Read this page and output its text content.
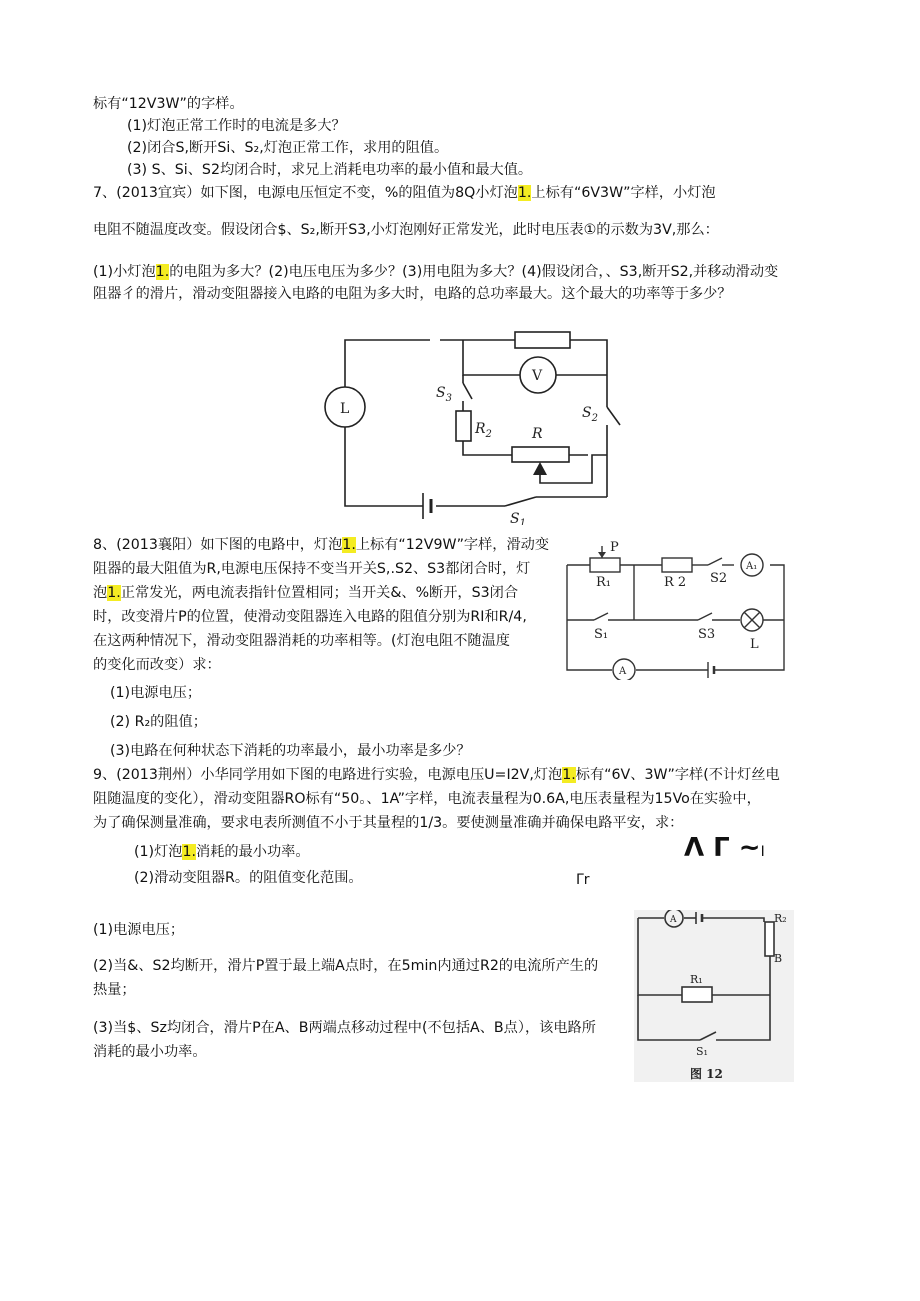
标有“12V3W”的字样。
(1)灯泡正常工作时的电流是多大？
(2)闭合S,断开Si、S₂,灯泡正常工作，求用的阻值。
(3) S、Si、S2均闭合时，求兄上消耗电功率的最小值和最大值。
7、(2013宜宾）如下图，电源电压恒定不变，%的阻值为8Q小灯泡1.上标有“6V3W”字样，小灯泡
电阻不随温度改变。假设闭合$、S₂,断开S3,小灯泡刚好正常发光，此时电压表①的示数为3V,那么：
(1)小灯泡1.的电阻为多大？(2)电压电压为多少？(3)用电阻为多大？(4)假设闭合，、S3,断开S2,并移动滑动变
阻器彳的滑片，滑动变阻器接入电路的电阻为多大时，电路的总功率最大。这个最大的功率等于多少？
8、(2013襄阳）如下图的电路中，灯泡1.上标有“12V9W”字样，滑动变
阻器的最大阻值为R,电源电压保持不变当开关S,.S2、S3都闭合时，灯
泡1.正常发光，两电流表指针位置相同；当开关&、%断开，S3闭合
时，改变滑片P的位置，使滑动变阻器连入电路的阻值分别为RI和R/4,
在这两种情况下，滑动变阻器消耗的功率相等。(灯泡电阻不随温度
的变化而改变）求：
(1)电源电压；
(2) R₂的阻值；
(3)电路在何种状态下消耗的功率最小，最小功率是多少？
9、(2013荆州）小华同学用如下图的电路进行实验，电源电压U=I2V,灯泡1.标有“6V、3W”字样(不计灯丝电
阻随温度的变化），滑动变阻器RO标有“50。、1A”字样，电流表量程为0.6A,电压表量程为15Vo在实验中，
为了确保测量准确，要求电表所测值不小于其量程的1/3。要使测量准确并确保电路平安，求：
(1)灯泡1.消耗的最小功率。
(2)滑动变阻器R。的阻值变化范围。
Λ Γ ~I
Γr
(1)电源电压；
(2)当&、S2均断开，滑片P置于最上端A点时，在5min内通过R2的电流所产生的
热量；
(3)当$、Sz均闭合，滑片P在A、B两端点移动过程中(不包括A、B点），该电路所
消耗的最小功率。
L
V
$S_3$
$S_2$
$R_2$	R
$S_1$
P
R₁	R 2 S2
A₁
S₁	S3
L
A
A	R₂
B
R₁
S₁
图 12
